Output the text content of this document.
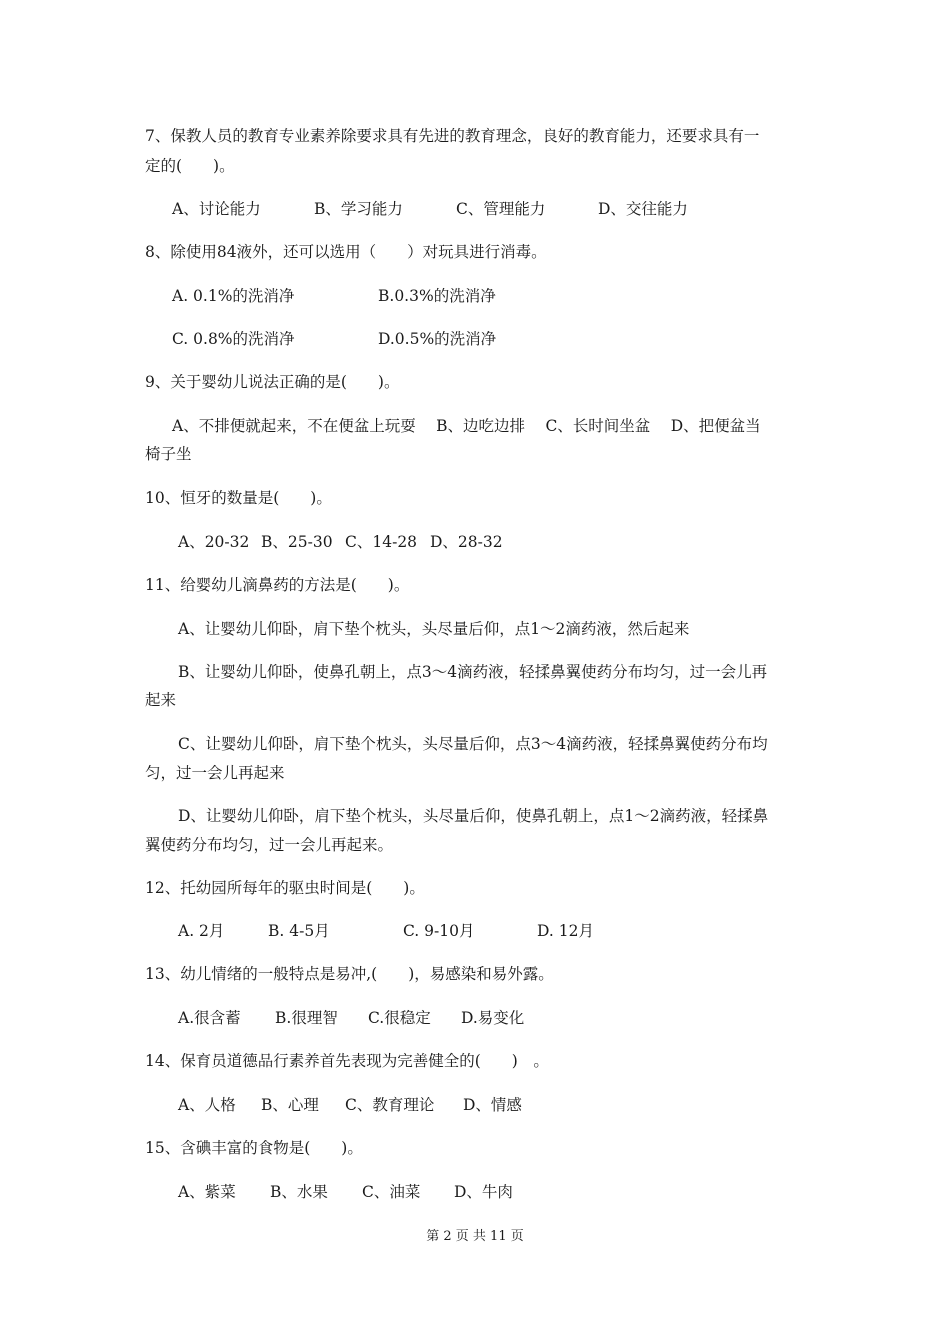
7、保教人员的教育专业素养除要求具有先进的教育理念，良好的教育能力，还要求具有一
定的(　　)。
A、讨论能力	B、学习能力	C、管理能力	D、交往能力
8、除使用84液外，还可以选用（　　）对玩具进行消毒。
A. 0.1%的洗消净	B.0.3%的洗消净
C. 0.8%的洗消净	D.0.5%的洗消净
9、关于婴幼儿说法正确的是(　　)。
A、不排便就起来，不在便盆上玩耍　 B、边吃边排　 C、长时间坐盆　 D、把便盆当
椅子坐
10、恒牙的数量是(　　)。
A、20-32 B、25-30 C、14-28 D、28-32
11、给婴幼儿滴鼻药的方法是(　　)。
A、让婴幼儿仰卧，肩下垫个枕头，头尽量后仰，点1～2滴药液，然后起来
B、让婴幼儿仰卧，使鼻孔朝上，点3～4滴药液，轻揉鼻翼使药分布均匀，过一会儿再
起来
C、让婴幼儿仰卧，肩下垫个枕头，头尽量后仰，点3～4滴药液，轻揉鼻翼使药分布均
匀，过一会儿再起来
D、让婴幼儿仰卧，肩下垫个枕头，头尽量后仰，使鼻孔朝上，点1～2滴药液，轻揉鼻
翼使药分布均匀，过一会儿再起来。
12、托幼园所每年的驱虫时间是(　　)。
A. 2月	B. 4-5月	C. 9-10月	D. 12月
13、幼儿情绪的一般特点是易冲,(　　)，易感染和易外露。
A.很含蓄 B.很理智 C.很稳定 D.易变化
14、保育员道德品行素养首先表现为完善健全的(　　)　。
A、人格 B、心理 C、教育理论 D、情感
15、含碘丰富的食物是(　　)。
A、紫菜 B、水果 C、油菜 D、牛肉
第 2 页 共 11 页
